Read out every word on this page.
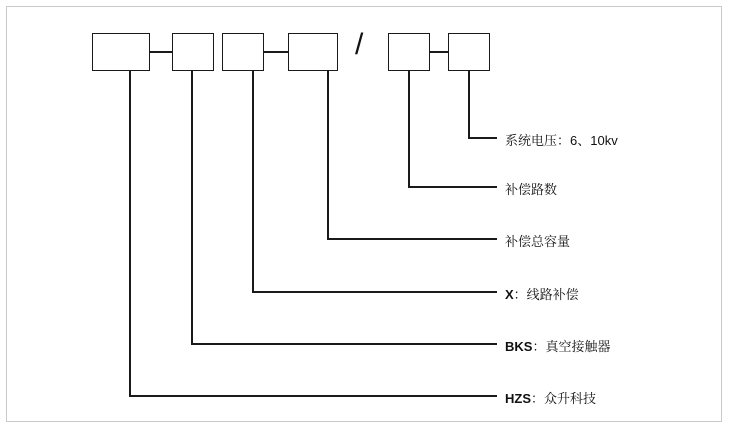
/
系统电压：6、10kv
补偿路数
补偿总容量
X：线路补偿
BKS：真空接触器
HZS：众升科技
